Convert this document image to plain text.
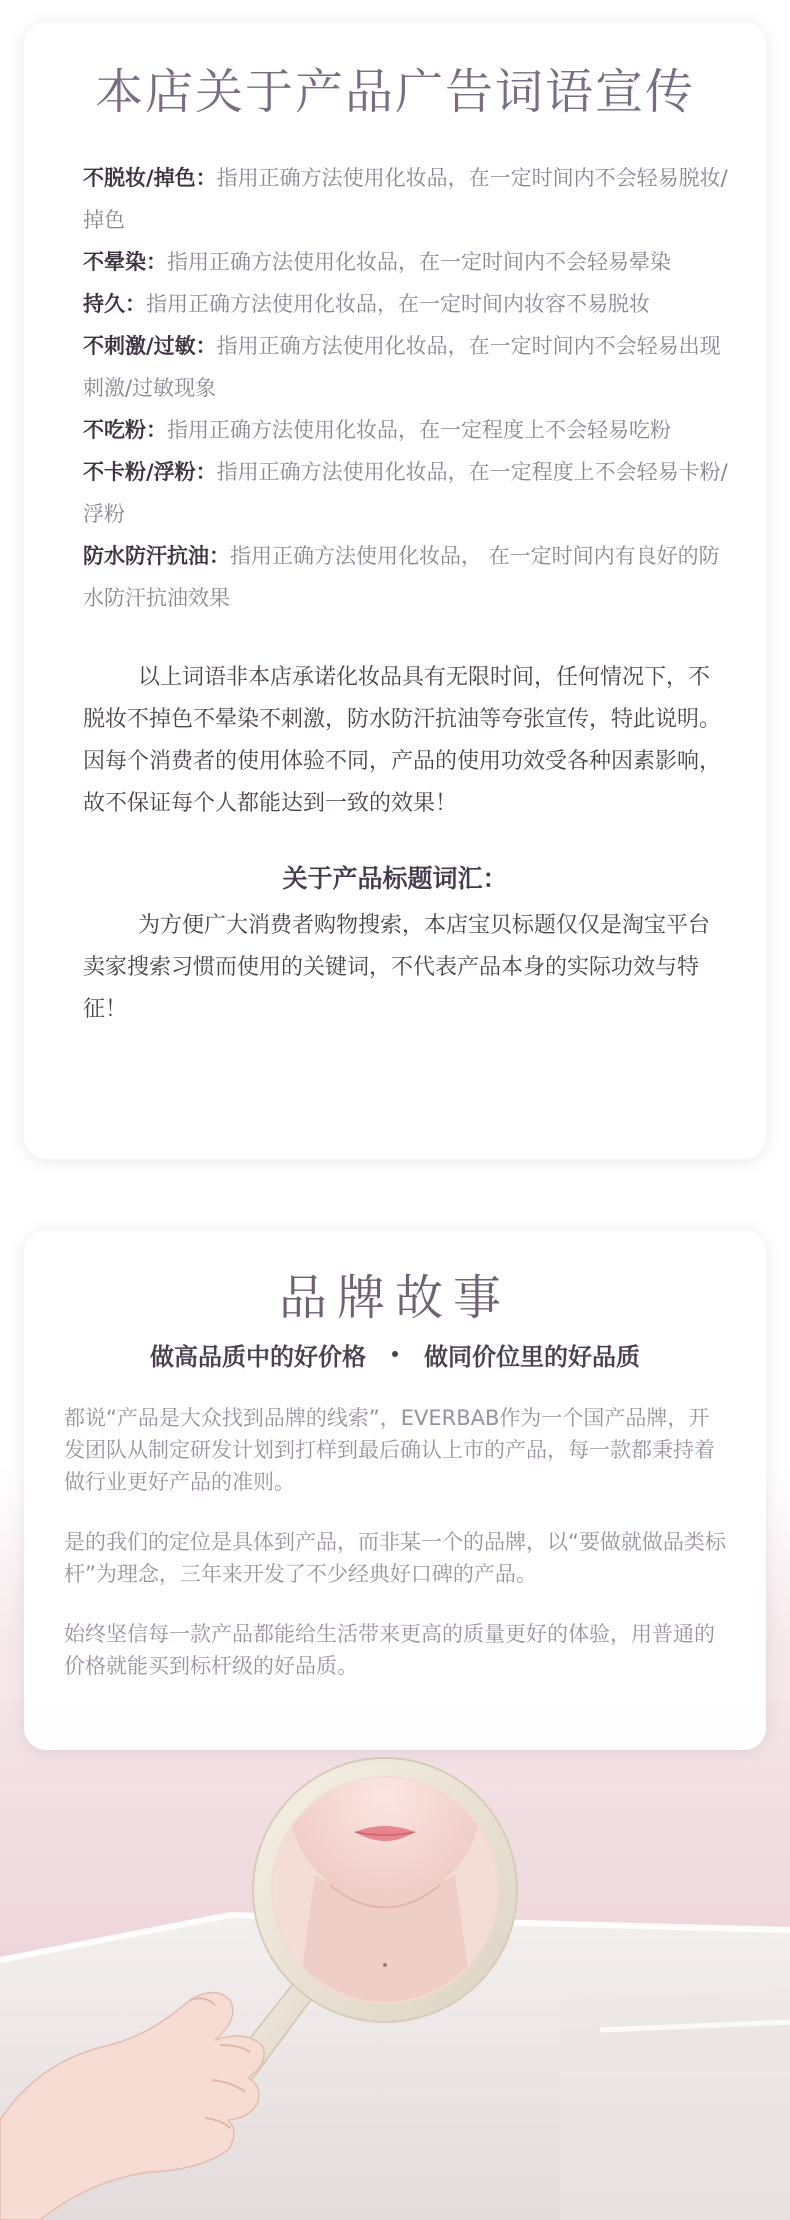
本店关于产品广告词语宣传
不脱妆/掉色：指用正确方法使用化妆品，在一定时间内不会轻易脱妆/掉色
不晕染：指用正确方法使用化妆品，在一定时间内不会轻易晕染
持久：指用正确方法使用化妆品，在一定时间内妆容不易脱妆
不刺激/过敏：指用正确方法使用化妆品，在一定时间内不会轻易出现刺激/过敏现象
不吃粉：指用正确方法使用化妆品，在一定程度上不会轻易吃粉
不卡粉/浮粉：指用正确方法使用化妆品，在一定程度上不会轻易卡粉/浮粉
防水防汗抗油：指用正确方法使用化妆品， 在一定时间内有良好的防水防汗抗油效果

以上词语非本店承诺化妆品具有无限时间，任何情况下，不脱妆不掉色不晕染不刺激，防水防汗抗油等夸张宣传，特此说明。因每个消费者的使用体验不同，产品的使用功效受各种因素影响，故不保证每个人都能达到一致的效果！

关于产品标题词汇：

为方便广大消费者购物搜索，本店宝贝标题仅仅是淘宝平台卖家搜索习惯而使用的关键词，不代表产品本身的实际功效与特征！

品牌故事
做高品质中的好价格 做同价位里的好品质

都说“产品是大众找到品牌的线索”，EVERBAB作为一个国产品牌，开发团队从制定研发计划到打样到最后确认上市的产品，每一款都秉持着做行业更好产品的准则。

是的我们的定位是具体到产品，而非某一个的品牌，以“要做就做品类标杆”为理念，三年来开发了不少经典好口碑的产品。

始终坚信每一款产品都能给生活带来更高的质量更好的体验，用普通的价格就能买到标杆级的好品质。
